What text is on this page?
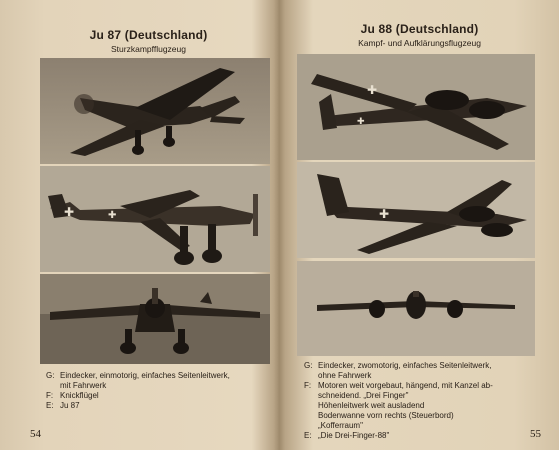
Ju 87 (Deutschland)
Sturzkampfflugzeug
✚	✚
G: Eindecker, einmotorig, einfaches Seitenleitwerk,
mit Fahrwerk
F: Knickflügel
E: Ju 87
54
Ju 88 (Deutschland)
Kampf- und Aufklärungsflugzeug
✚
✚
✚
G: Eindecker, zwomotorig, einfaches Seitenleitwerk,
ohne Fahrwerk
F: Motoren weit vorgebaut, hängend, mit Kanzel ab-
schneidend. „Drei Finger"
Höhenleitwerk weit ausladend
Bodenwanne vorn rechts (Steuerbord)
„Kofferraum"
E: „Die Drei-Finger-88"	55
